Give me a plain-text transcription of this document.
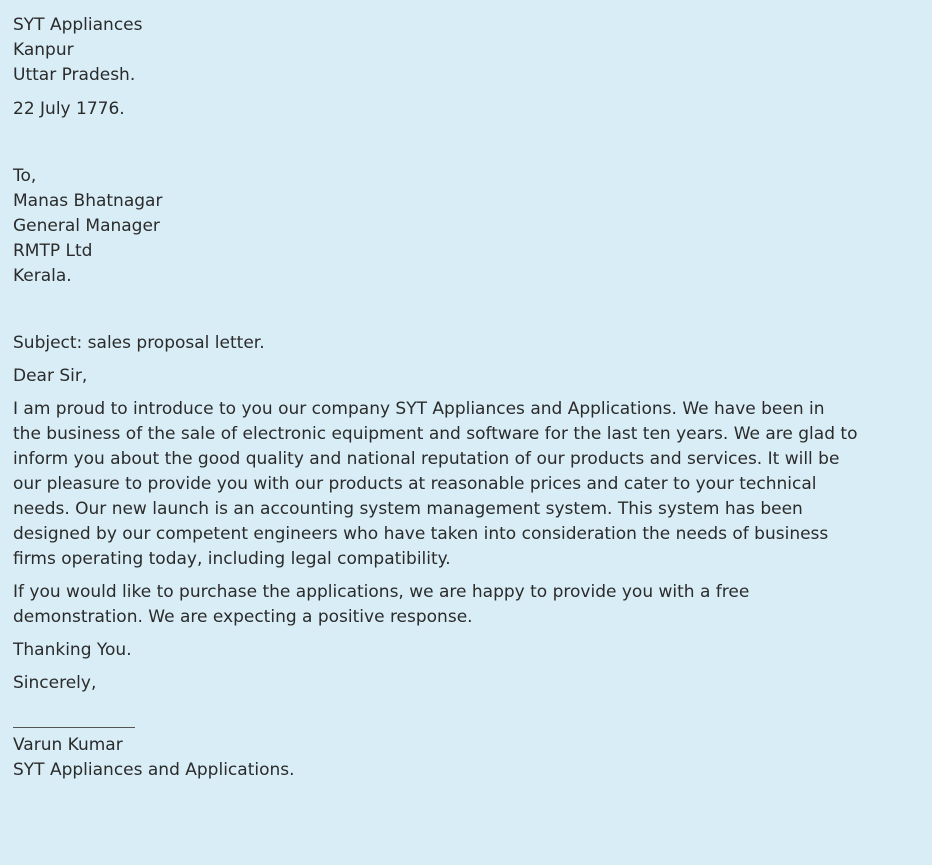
SYT Appliances
Kanpur
Uttar Pradesh.
22 July 1776.
To,
Manas Bhatnagar
General Manager
RMTP Ltd
Kerala.
Subject: sales proposal letter.
Dear Sir,
I am proud to introduce to you our company SYT Appliances and Applications. We have been in
the business of the sale of electronic equipment and software for the last ten years. We are glad to
inform you about the good quality and national reputation of our products and services. It will be
our pleasure to provide you with our products at reasonable prices and cater to your technical
needs. Our new launch is an accounting system management system. This system has been
designed by our competent engineers who have taken into consideration the needs of business
firms operating today, including legal compatibility.
If you would like to purchase the applications, we are happy to provide you with a free
demonstration. We are expecting a positive response.
Thanking You.
Sincerely,
Varun Kumar
SYT Appliances and Applications.
